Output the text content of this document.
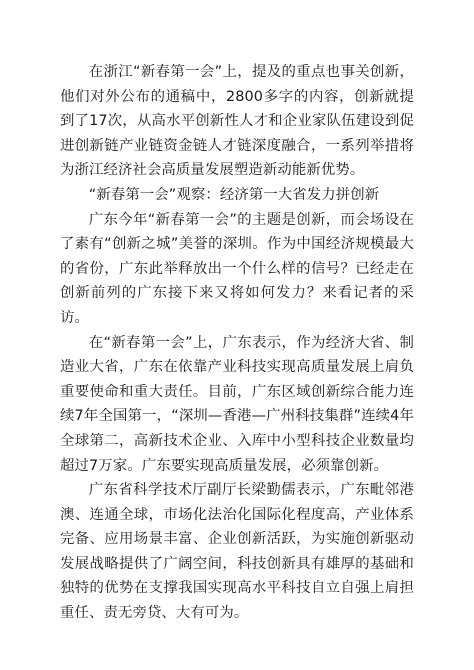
在浙江“新春第一会”上，提及的重点也事关创新，他们对外公布的通稿中，2800多字的内容，创新就提到了17次，从高水平创新性人才和企业家队伍建设到促进创新链产业链资金链人才链深度融合，一系列举措将为浙江经济社会高质量发展塑造新动能新优势。

“新春第一会”观察：经济第一大省发力拼创新

广东今年“新春第一会”的主题是创新，而会场设在了素有“创新之城”美誉的深圳。作为中国经济规模最大的省份，广东此举释放出一个什么样的信号？已经走在创新前列的广东接下来又将如何发力？来看记者的采访。

在“新春第一会”上，广东表示，作为经济大省、制造业大省，广东在依靠产业科技实现高质量发展上肩负重要使命和重大责任。目前，广东区域创新综合能力连续7年全国第一，“深圳—香港—广州科技集群”连续4年全球第二，高新技术企业、入库中小型科技企业数量均超过7万家。广东要实现高质量发展，必须靠创新。

广东省科学技术厅副厅长梁勤儒表示，广东毗邻港澳、连通全球，市场化法治化国际化程度高，产业体系完备、应用场景丰富、企业创新活跃，为实施创新驱动发展战略提供了广阔空间，科技创新具有雄厚的基础和独特的优势在支撑我国实现高水平科技自立自强上肩担重任、责无旁贷、大有可为。
